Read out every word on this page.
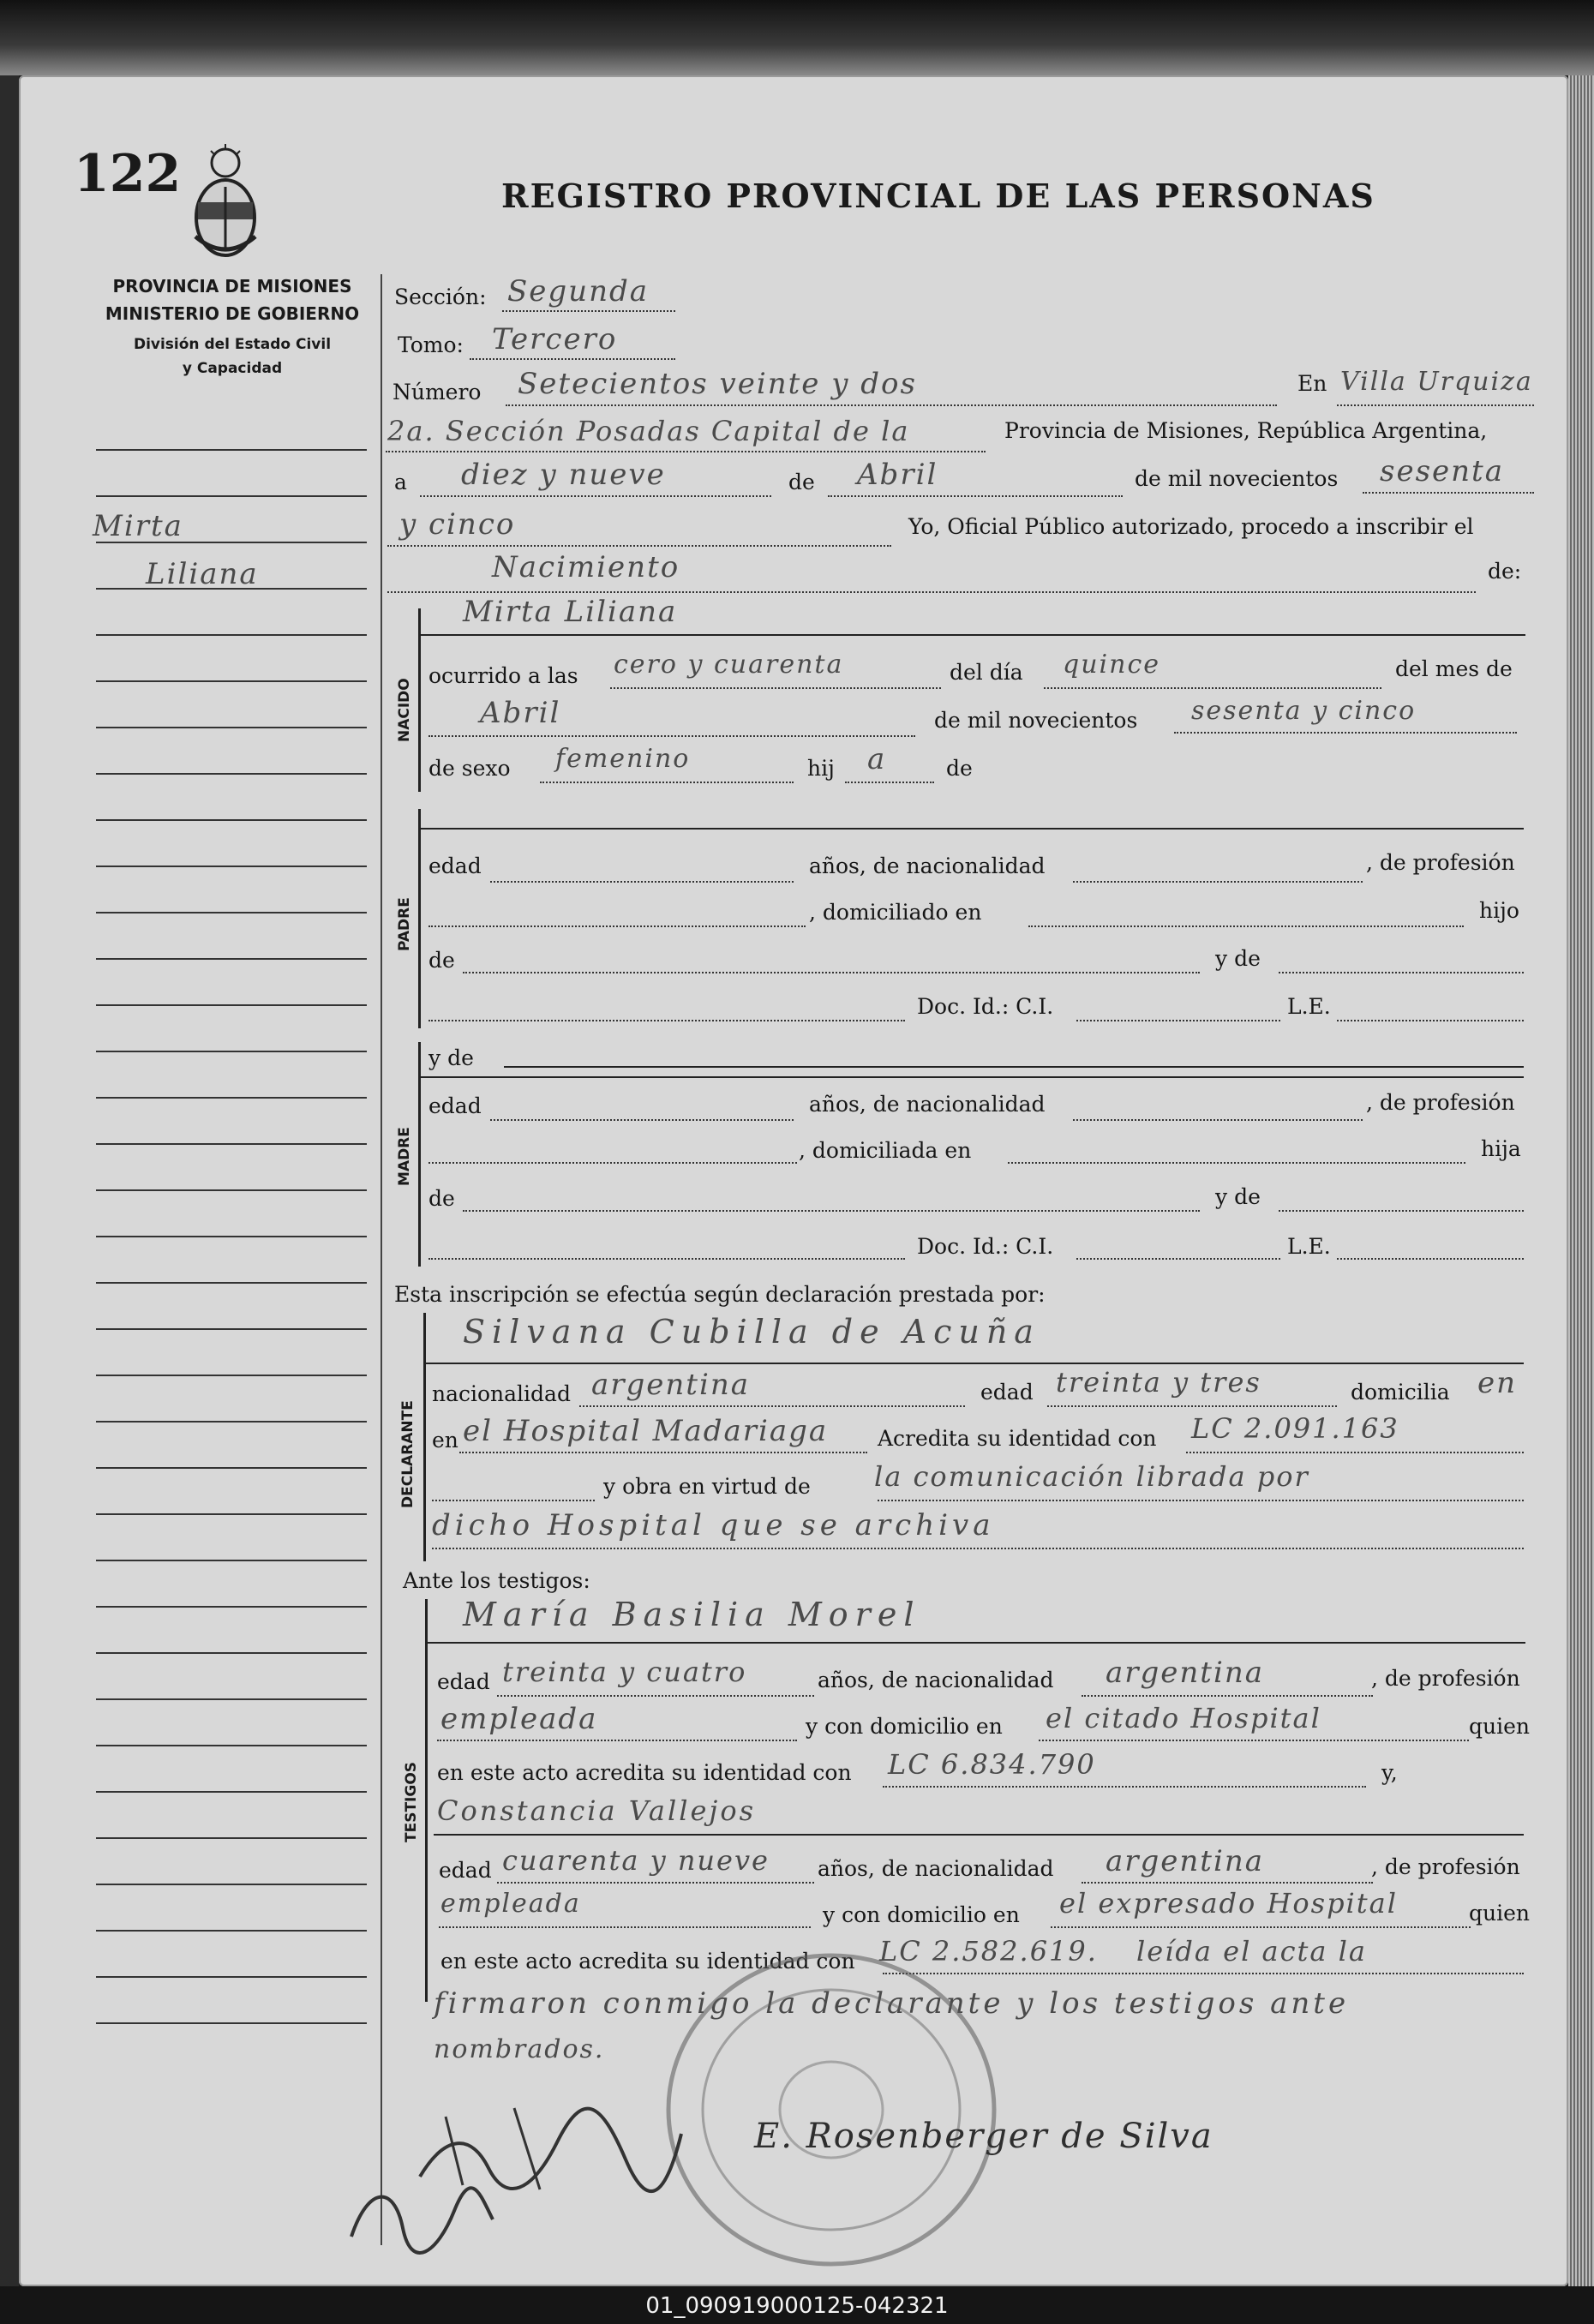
122	REGISTRO PROVINCIAL DE LAS PERSONAS
PROVINCIA DE MISIONES
MINISTERIO DE GOBIERNO
División del Estado Civil
y Capacidad
Mirta
Liliana
Sección: Segunda
Tomo: Tercero
Número Setecientos veinte y dos	En Villa Urquiza
2a. Sección Posadas Capital de la	Provincia de Misiones, República Argentina,
a diez y nueve	de Abril	de mil novecientos sesenta
y cinco	Yo, Oficial Público autorizado, procedo a inscribir el
Nacimiento	de:
NACIDO
Mirta Liliana
ocurrido a las cero y cuarenta	del día quince	del mes de
Abril	de mil novecientos sesenta y cinco
de sexo femenino	hij a	de
PADRE
edad	años, de nacionalidad	, de profesión
, domiciliado en	hijo
de	y de
Doc. Id.: C.I.	L.E.
y de
MADRE
edad	años, de nacionalidad	, de profesión
, domiciliada en	hija
de	y de
Doc. Id.: C.I.	L.E.
Esta inscripción se efectúa según declaración prestada por:
DECLARANTE
Silvana Cubilla de Acuña
nacionalidad argentina	edad treinta y tres	domicilia en
en el Hospital Madariaga Acredita su identidad con LC 2.091.163
y obra en virtud de la comunicación librada por
dicho Hospital que se archiva
Ante los testigos:
TESTIGOS
María Basilia Morel
edad treinta y cuatro	años, de nacionalidad argentina	, de profesión
empleada	y con domicilio en el citado Hospital	quien
en este acto acredita su identidad con LC 6.834.790	y,
Constancia Vallejos
edad cuarenta y nueve años, de nacionalidad argentina	, de profesión
empleada	y con domicilio en el expresado Hospital	quien
en este acto acredita su identidad con LC 2.582.619. leída el acta la
firmaron conmigo la declarante y los testigos ante
nombrados.
E. Rosenberger de Silva
01_090919000125-042321
